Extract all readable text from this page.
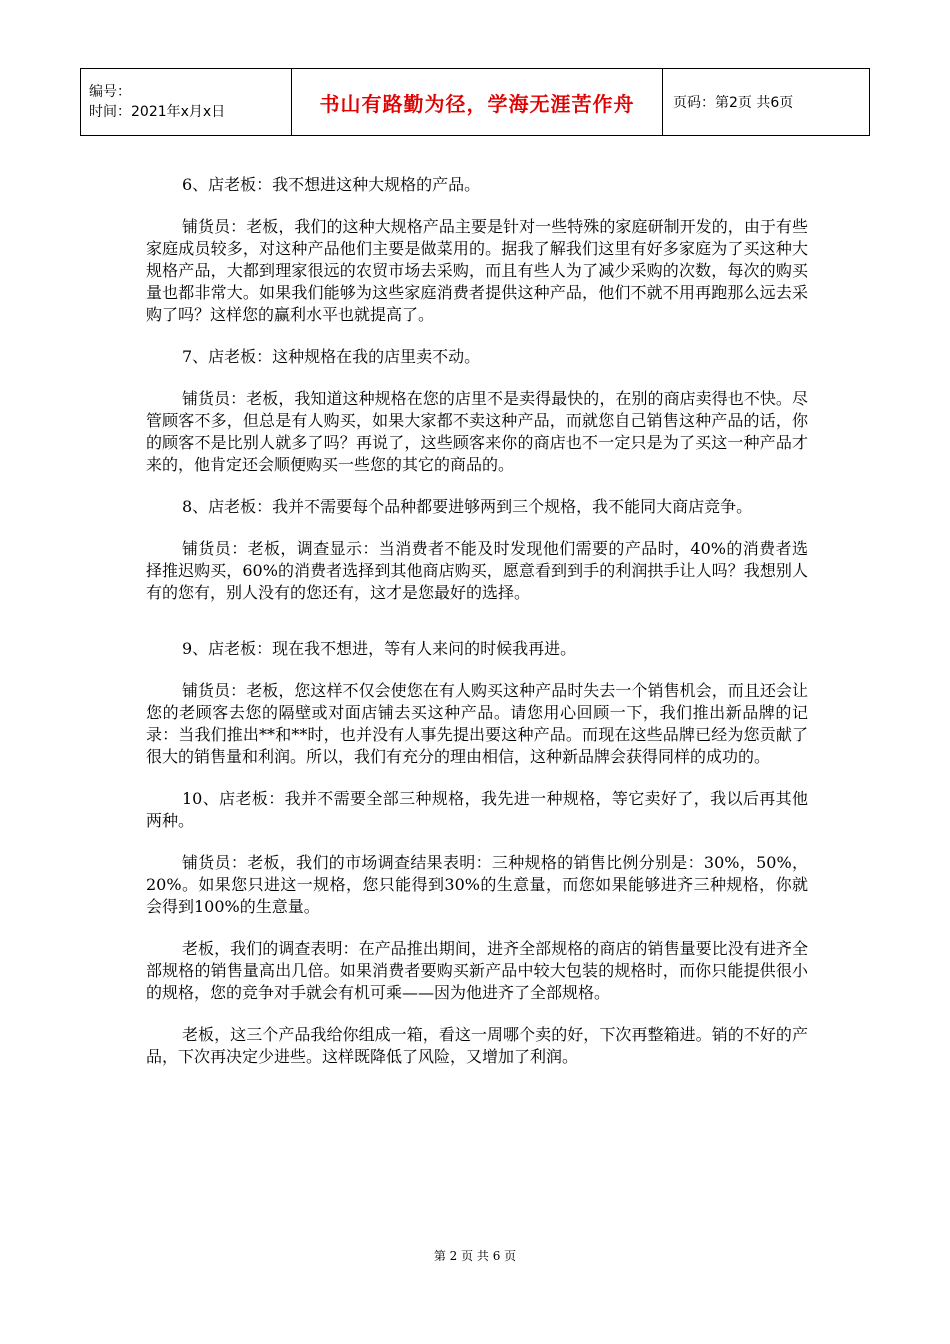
编号：
时间：2021年x月x日	书山有路勤为径，学海无涯苦作舟	页码：第2页 共6页

6、店老板：我不想进这种大规格的产品。

铺货员：老板，我们的这种大规格产品主要是针对一些特殊的家庭研制开发的，由于有些家庭成员较多，对这种产品他们主要是做菜用的。据我了解我们这里有好多家庭为了买这种大规格产品，大都到理家很远的农贸市场去采购，而且有些人为了减少采购的次数，每次的购买量也都非常大。如果我们能够为这些家庭消费者提供这种产品，他们不就不用再跑那么远去采购了吗？这样您的赢利水平也就提高了。

7、店老板：这种规格在我的店里卖不动。

铺货员：老板，我知道这种规格在您的店里不是卖得最快的，在别的商店卖得也不快。尽管顾客不多，但总是有人购买，如果大家都不卖这种产品，而就您自己销售这种产品的话，你的顾客不是比别人就多了吗？再说了，这些顾客来你的商店也不一定只是为了买这一种产品才来的，他肯定还会顺便购买一些您的其它的商品的。

8、店老板：我并不需要每个品种都要进够两到三个规格，我不能同大商店竞争。

铺货员：老板，调查显示：当消费者不能及时发现他们需要的产品时，40%的消费者选择推迟购买，60%的消费者选择到其他商店购买，愿意看到到手的利润拱手让人吗？我想别人有的您有，别人没有的您还有，这才是您最好的选择。

9、店老板：现在我不想进，等有人来问的时候我再进。

铺货员：老板，您这样不仅会使您在有人购买这种产品时失去一个销售机会，而且还会让您的老顾客去您的隔壁或对面店铺去买这种产品。请您用心回顾一下，我们推出新品牌的记录：当我们推出**和**时，也并没有人事先提出要这种产品。而现在这些品牌已经为您贡献了很大的销售量和利润。所以，我们有充分的理由相信，这种新品牌会获得同样的成功的。

10、店老板：我并不需要全部三种规格，我先进一种规格，等它卖好了，我以后再其他两种。

铺货员：老板，我们的市场调查结果表明：三种规格的销售比例分别是：30%，50%，20%。如果您只进这一规格，您只能得到30%的生意量，而您如果能够进齐三种规格，你就会得到100%的生意量。

老板，我们的调查表明：在产品推出期间，进齐全部规格的商店的销售量要比没有进齐全部规格的销售量高出几倍。如果消费者要购买新产品中较大包装的规格时，而你只能提供很小的规格，您的竞争对手就会有机可乘——因为他进齐了全部规格。

老板，这三个产品我给你组成一箱，看这一周哪个卖的好，下次再整箱进。销的不好的产品，下次再决定少进些。这样既降低了风险，又增加了利润。

第 2 页 共 6 页
